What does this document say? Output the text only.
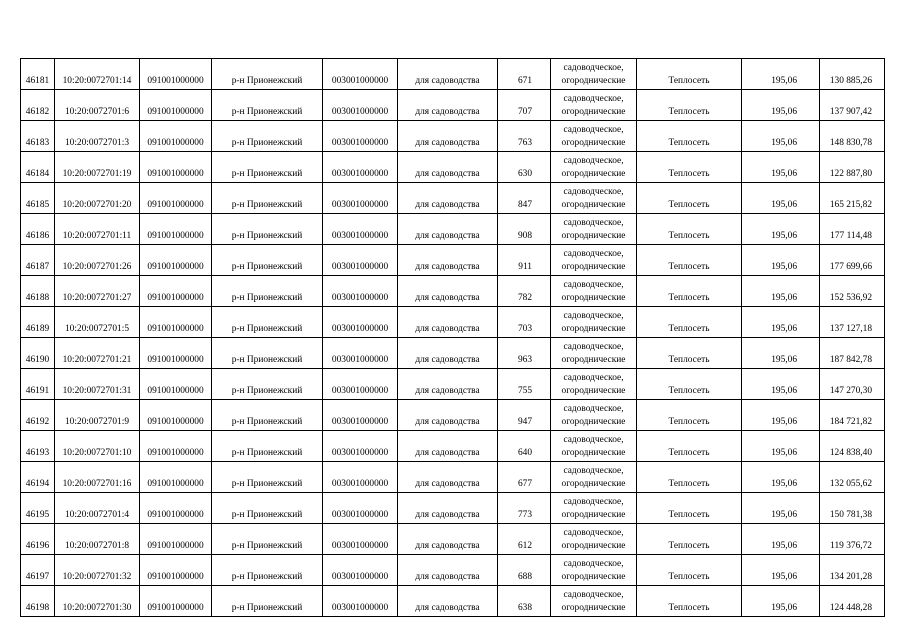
46181	10:20:0072701:14	091001000000	р-н Прионежский	003001000000	для садоводства	671	садоводческое,
огороднические	Теплосеть	195,06	130 885,26
46182	10:20:0072701:6	091001000000	р-н Прионежский	003001000000	для садоводства	707	садоводческое,
огороднические	Теплосеть	195,06	137 907,42
46183	10:20:0072701:3	091001000000	р-н Прионежский	003001000000	для садоводства	763	садоводческое,
огороднические	Теплосеть	195,06	148 830,78
46184	10:20:0072701:19	091001000000	р-н Прионежский	003001000000	для садоводства	630	садоводческое,
огороднические	Теплосеть	195,06	122 887,80
46185	10:20:0072701:20	091001000000	р-н Прионежский	003001000000	для садоводства	847	садоводческое,
огороднические	Теплосеть	195,06	165 215,82
46186	10:20:0072701:11	091001000000	р-н Прионежский	003001000000	для садоводства	908	садоводческое,
огороднические	Теплосеть	195,06	177 114,48
46187	10:20:0072701:26	091001000000	р-н Прионежский	003001000000	для садоводства	911	садоводческое,
огороднические	Теплосеть	195,06	177 699,66
46188	10:20:0072701:27	091001000000	р-н Прионежский	003001000000	для садоводства	782	садоводческое,
огороднические	Теплосеть	195,06	152 536,92
46189	10:20:0072701:5	091001000000	р-н Прионежский	003001000000	для садоводства	703	садоводческое,
огороднические	Теплосеть	195,06	137 127,18
46190	10:20:0072701:21	091001000000	р-н Прионежский	003001000000	для садоводства	963	садоводческое,
огороднические	Теплосеть	195,06	187 842,78
46191	10:20:0072701:31	091001000000	р-н Прионежский	003001000000	для садоводства	755	садоводческое,
огороднические	Теплосеть	195,06	147 270,30
46192	10:20:0072701:9	091001000000	р-н Прионежский	003001000000	для садоводства	947	садоводческое,
огороднические	Теплосеть	195,06	184 721,82
46193	10:20:0072701:10	091001000000	р-н Прионежский	003001000000	для садоводства	640	садоводческое,
огороднические	Теплосеть	195,06	124 838,40
46194	10:20:0072701:16	091001000000	р-н Прионежский	003001000000	для садоводства	677	садоводческое,
огороднические	Теплосеть	195,06	132 055,62
46195	10:20:0072701:4	091001000000	р-н Прионежский	003001000000	для садоводства	773	садоводческое,
огороднические	Теплосеть	195,06	150 781,38
46196	10:20:0072701:8	091001000000	р-н Прионежский	003001000000	для садоводства	612	садоводческое,
огороднические	Теплосеть	195,06	119 376,72
46197	10:20:0072701:32	091001000000	р-н Прионежский	003001000000	для садоводства	688	садоводческое,
огороднические	Теплосеть	195,06	134 201,28
46198	10:20:0072701:30	091001000000	р-н Прионежский	003001000000	для садоводства	638	садоводческое,
огороднические	Теплосеть	195,06	124 448,28
